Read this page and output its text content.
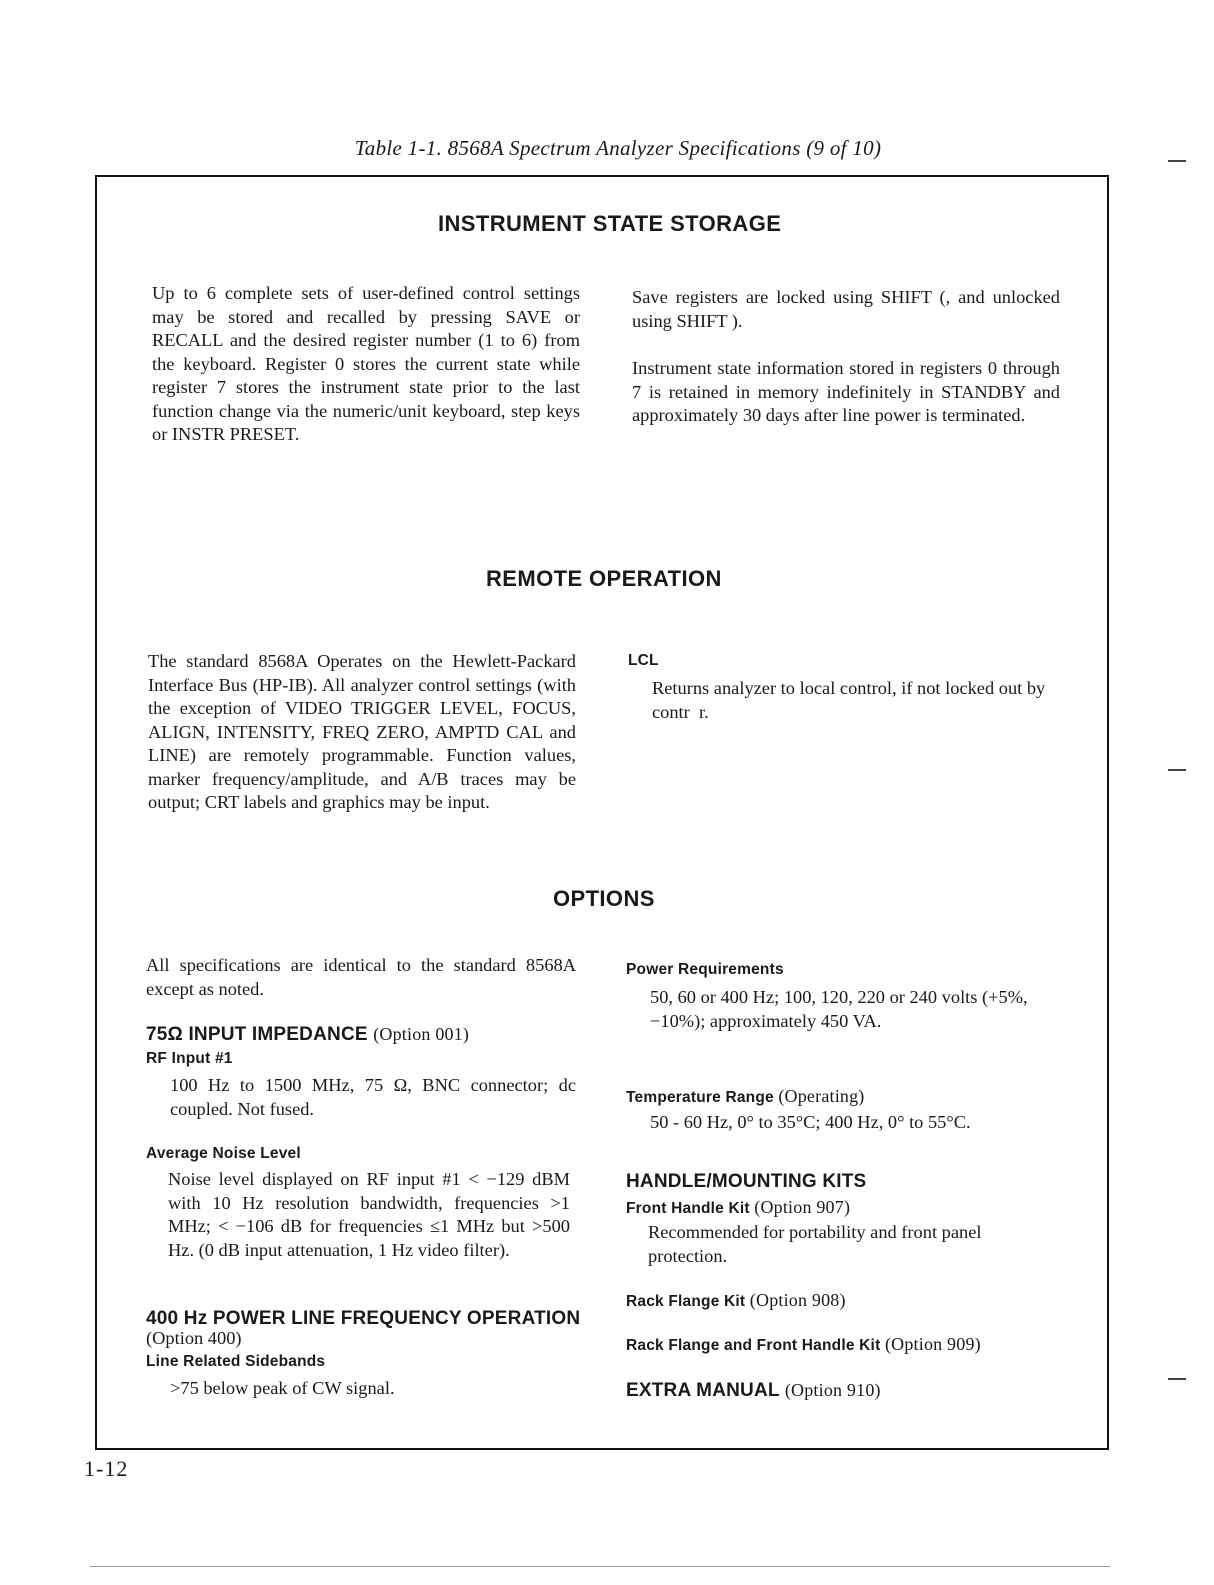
Table 1-1. 8568A Spectrum Analyzer Specifications (9 of 10)
INSTRUMENT STATE STORAGE

Up to 6 complete sets of user-defined control settings may be stored and recalled by pressing SAVE or RECALL and the desired register number (1 to 6) from the keyboard. Register 0 stores the current state while register 7 stores the instrument state prior to the last function change via the numeric/unit keyboard, step keys or INSTR PRESET.

Save registers are locked using SHIFT (, and unlocked using SHIFT ).

Instrument state information stored in registers 0 through 7 is retained in memory indefinitely in STANDBY and approximately 30 days after line power is terminated.

REMOTE OPERATION

The standard 8568A Operates on the Hewlett-Packard Interface Bus (HP-IB). All analyzer control settings (with the exception of VIDEO TRIGGER LEVEL, FOCUS, ALIGN, INTENSITY, FREQ ZERO, AMPTD CAL and LINE) are remotely programmable. Function values, marker frequency/amplitude, and A/B traces may be output; CRT labels and graphics may be input.

LCL

Returns analyzer to local control, if not locked out by contr  r.

OPTIONS

All specifications are identical to the standard 8568A except as noted.

75Ω INPUT IMPEDANCE (Option 001)
RF Input #1

100 Hz to 1500 MHz, 75 Ω, BNC connector; dc coupled. Not fused.

Average Noise Level

Noise level displayed on RF input #1 < −129 dBM with 10 Hz resolution bandwidth, frequencies >1 MHz; < −106 dB for frequencies ≤1 MHz but >500 Hz. (0 dB input attenuation, 1 Hz video filter).

400 Hz POWER LINE FREQUENCY OPERATION

(Option 400)

Line Related Sidebands

>75 below peak of CW signal.

Power Requirements

50, 60 or 400 Hz; 100, 120, 220 or 240 volts (+5%, −10%); approximately 450 VA.

Temperature Range (Operating)

50 - 60 Hz, 0° to 35°C; 400 Hz, 0° to 55°C.

HANDLE/MOUNTING KITS
Front Handle Kit (Option 907)

Recommended for portability and front panel protection.

Rack Flange Kit (Option 908)
Rack Flange and Front Handle Kit (Option 909)
EXTRA MANUAL (Option 910)
1-12
